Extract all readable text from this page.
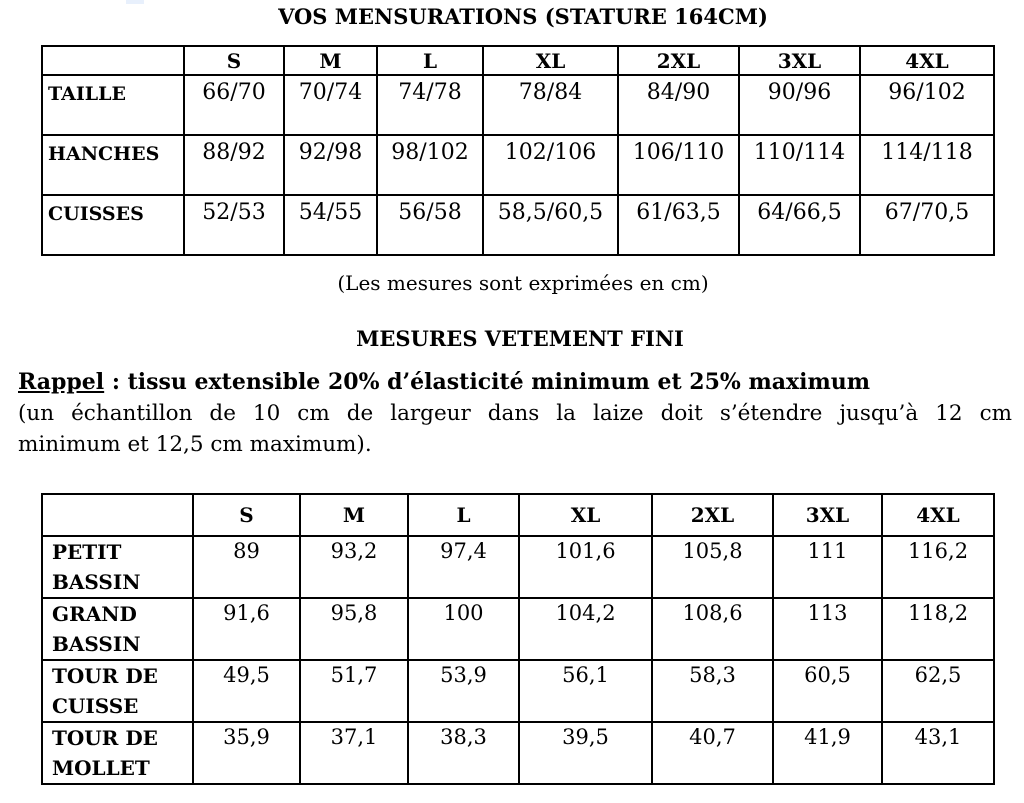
VOS MENSURATIONS (STATURE 164CM)
	S	M	L	XL	2XL	3XL	4XL
TAILLE	66/70	70/74	74/78	78/84	84/90	90/96	96/102
HANCHES	88/92	92/98	98/102	102/106	106/110	110/114	114/118
CUISSES	52/53	54/55	56/58	58,5/60,5	61/63,5	64/66,5	67/70,5
(Les mesures sont exprimées en cm)
MESURES VETEMENT FINI
Rappel : tissu extensible 20% d’élasticité minimum et 25% maximum
(un échantillon de 10 cm de largeur dans la laize doit s’étendre jusqu’à 12 cm
minimum et 12,5 cm maximum).
	S	M	L	XL	2XL	3XL	4XL
PETIT
BASSIN	89	93,2	97,4	101,6	105,8	111	116,2
GRAND
BASSIN	91,6	95,8	100	104,2	108,6	113	118,2
TOUR DE
CUISSE	49,5	51,7	53,9	56,1	58,3	60,5	62,5
TOUR DE
MOLLET	35,9	37,1	38,3	39,5	40,7	41,9	43,1
